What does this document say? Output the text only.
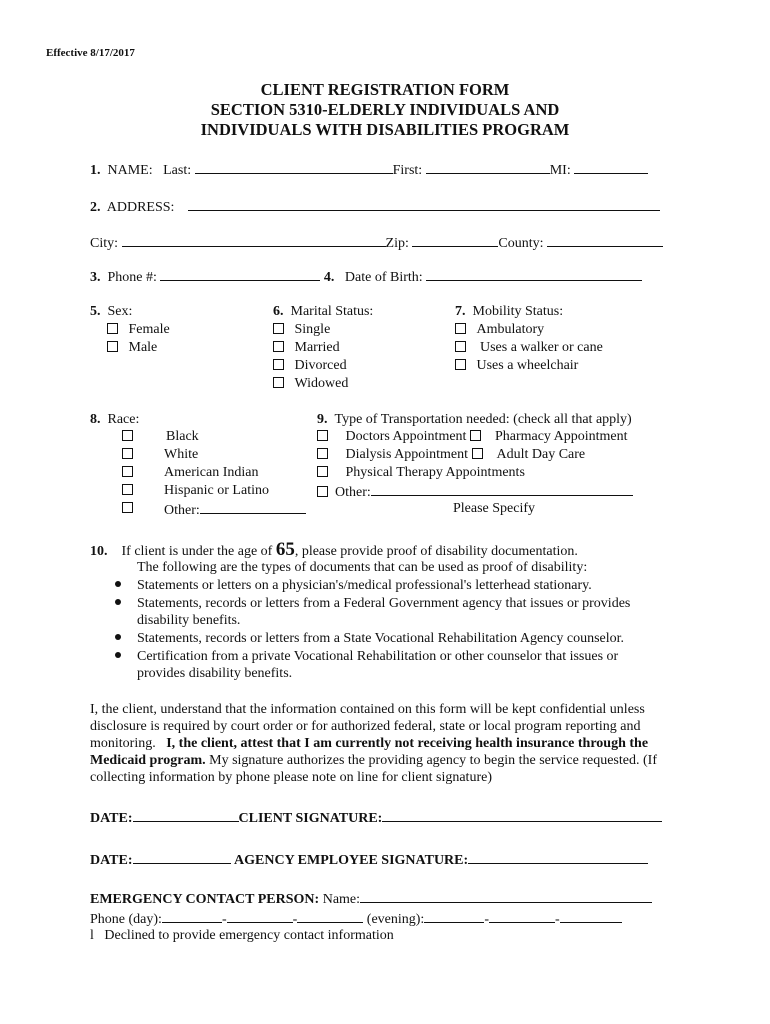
Effective 8/17/2017
CLIENT REGISTRATION FORM
SECTION 5310-ELDERLY INDIVIDUALS AND
INDIVIDUALS WITH DISABILITIES PROGRAM
1. NAME: Last:	First:	MI:
2. ADDRESS:
City:	Zip:	County:
3. Phone #:	4. Date of Birth:
5. Sex:
Female
Male
6. Marital Status:
Single
Married
Divorced
Widowed
7. Mobility Status:
Ambulatory
Uses a walker or cane
Uses a wheelchair
8. Race:
Black
White
American Indian
Hispanic or Latino
Other:
9. Type of Transportation needed: (check all that apply)
Doctors Appointment Pharmacy Appointment
Dialysis Appointment Adult Day Care
Physical Therapy Appointments
Other:
Please Specify
10. If client is under the age of 65, please provide proof of disability documentation.
The following are the types of documents that can be used as proof of disability:
Statements or letters on a physician's/medical professional's letterhead stationary.
Statements, records or letters from a Federal Government agency that issues or provides
disability benefits.
Statements, records or letters from a State Vocational Rehabilitation Agency counselor.
Certification from a private Vocational Rehabilitation or other counselor that issues or
provides disability benefits.
I, the client, understand that the information contained on this form will be kept confidential unless disclosure is required by court order or for authorized federal, state or local program reporting and monitoring. I, the client, attest that I am currently not receiving health insurance through the Medicaid program. My signature authorizes the providing agency to begin the service requested. (If collecting information by phone please note on line for client signature)
DATE:	CLIENT SIGNATURE:
DATE:	AGENCY EMPLOYEE SIGNATURE:
EMERGENCY CONTACT PERSON: Name:
Phone (day):	-	-	(evening):	-	-
l Declined to provide emergency contact information
